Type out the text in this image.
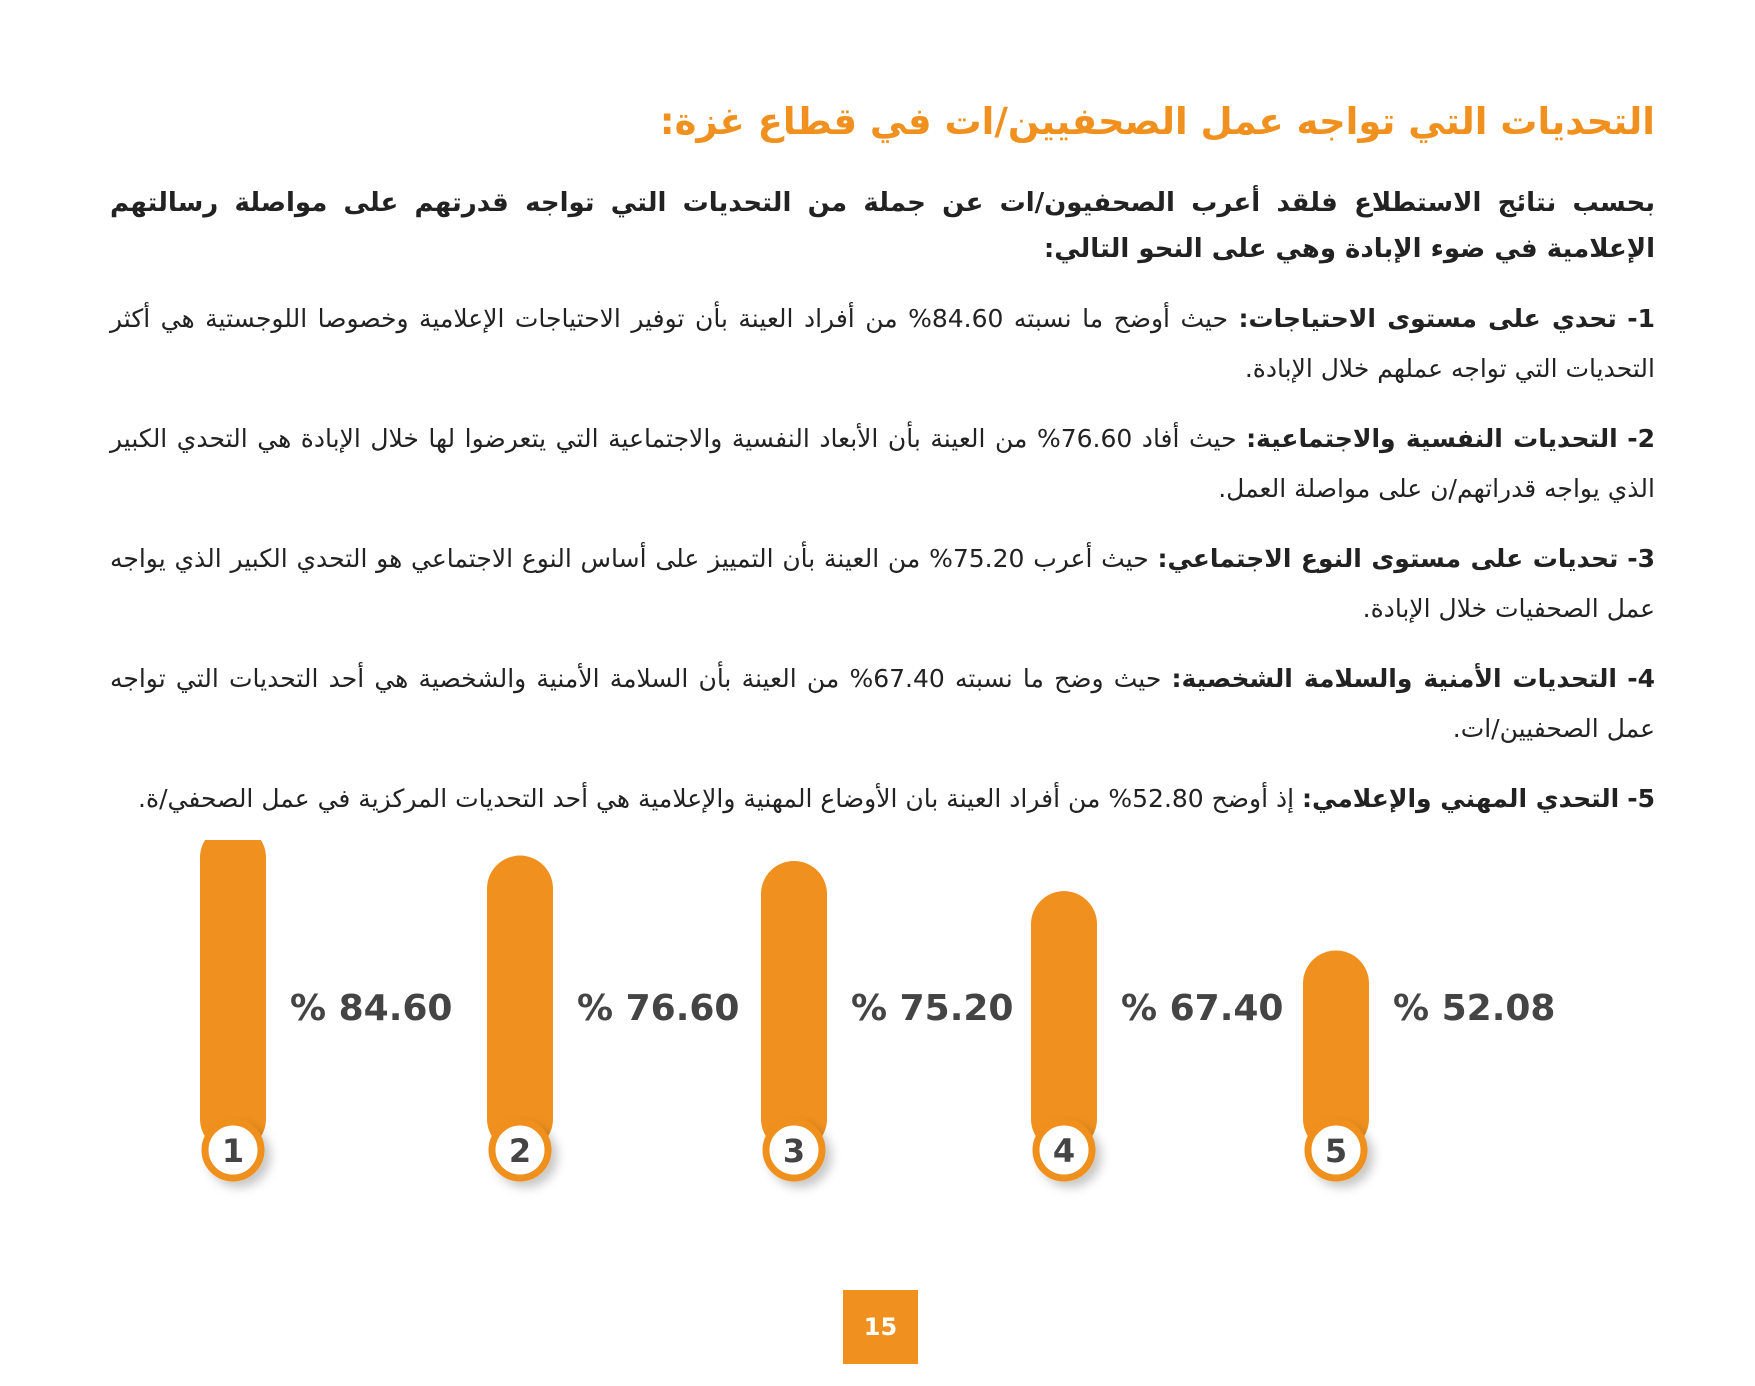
التحديات التي تواجه عمل الصحفيين/ات في قطاع غزة:

بحسب نتائج الاستطلاع فلقد أعرب الصحفيون/ات عن جملة من التحديات التي تواجه قدرتهم على مواصلة رسالتهم الإعلامية في ضوء الإبادة وهي على النحو التالي:

1- تحدي على مستوى الاحتياجات: حيث أوضح ما نسبته 84.60% من أفراد العينة بأن توفير الاحتياجات الإعلامية وخصوصا اللوجستية هي أكثر التحديات التي تواجه عملهم خلال الإبادة.

2- التحديات النفسية والاجتماعية: حيث أفاد 76.60% من العينة بأن الأبعاد النفسية والاجتماعية التي يتعرضوا لها خلال الإبادة هي التحدي الكبير الذي يواجه قدراتهم/ن على مواصلة العمل.

3- تحديات على مستوى النوع الاجتماعي: حيث أعرب 75.20% من العينة بأن التمييز على أساس النوع الاجتماعي هو التحدي الكبير الذي يواجه عمل الصحفيات خلال الإبادة.

4- التحديات الأمنية والسلامة الشخصية: حيث وضح ما نسبته 67.40% من العينة بأن السلامة الأمنية والشخصية هي أحد التحديات التي تواجه عمل الصحفيين/ات.

5- التحدي المهني والإعلامي: إذ أوضح 52.80% من أفراد العينة بان الأوضاع المهنية والإعلامية هي أحد التحديات المركزية في عمل الصحفي/ة.

1
% 84.60
2
% 76.60
3
% 75.20
4
% 67.40
5
% 52.08
15
